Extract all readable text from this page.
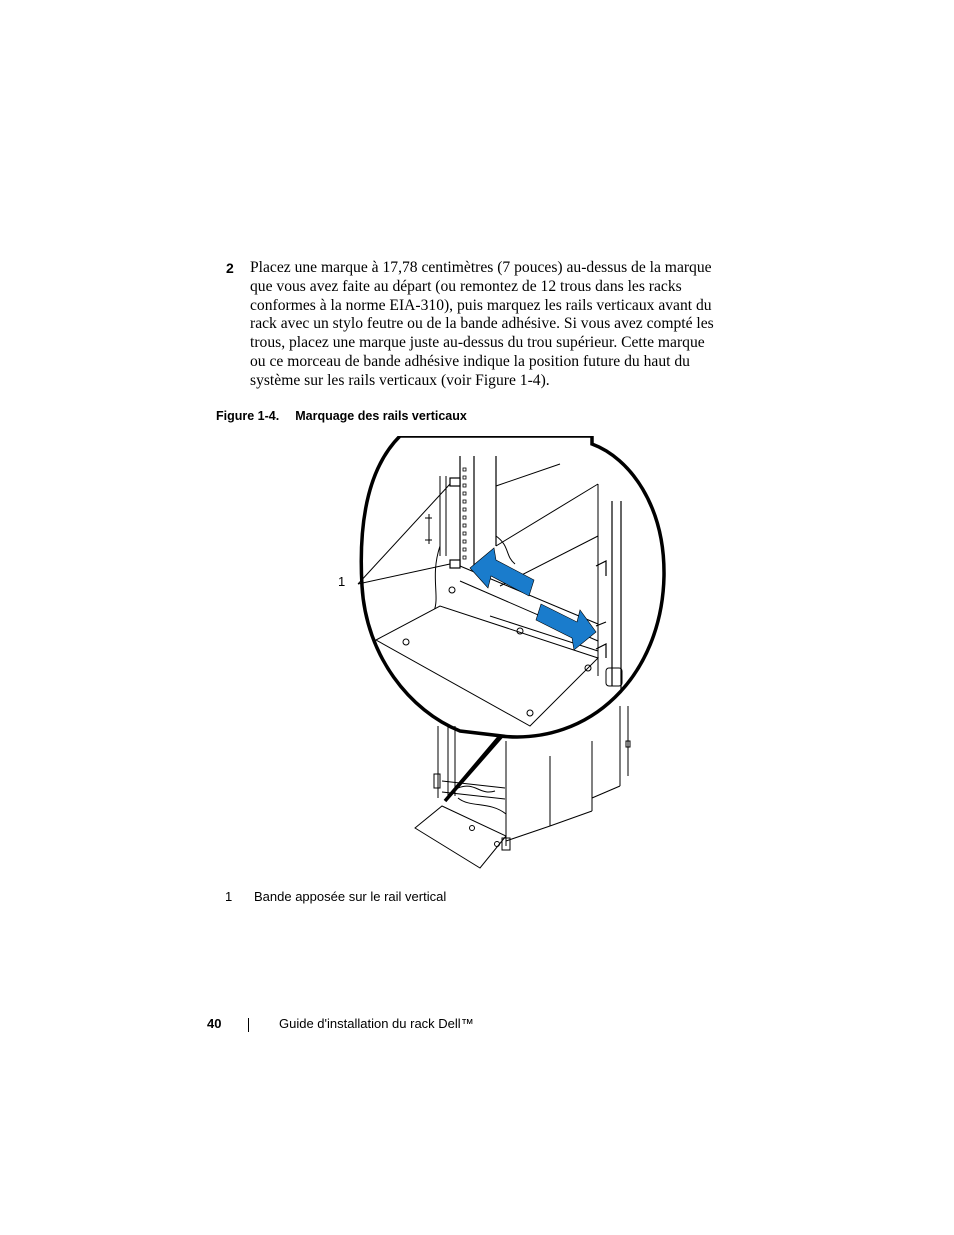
2 Placez une marque à 17,78 centimètres (7 pouces) au-dessus de la marque
que vous avez faite au départ (ou remontez de 12 trous dans les racks
conformes à la norme EIA-310), puis marquez les rails verticaux avant du
rack avec un stylo feutre ou de la bande adhésive. Si vous avez compté les
trous, placez une marque juste au-dessus du trou supérieur. Cette marque
ou ce morceau de bande adhésive indique la position future du haut du
système sur les rails verticaux (voir Figure 1-4).
Figure 1-4. Marquage des rails verticaux
1
1 Bande apposée sur le rail vertical
40	Guide d'installation du rack Dell™
